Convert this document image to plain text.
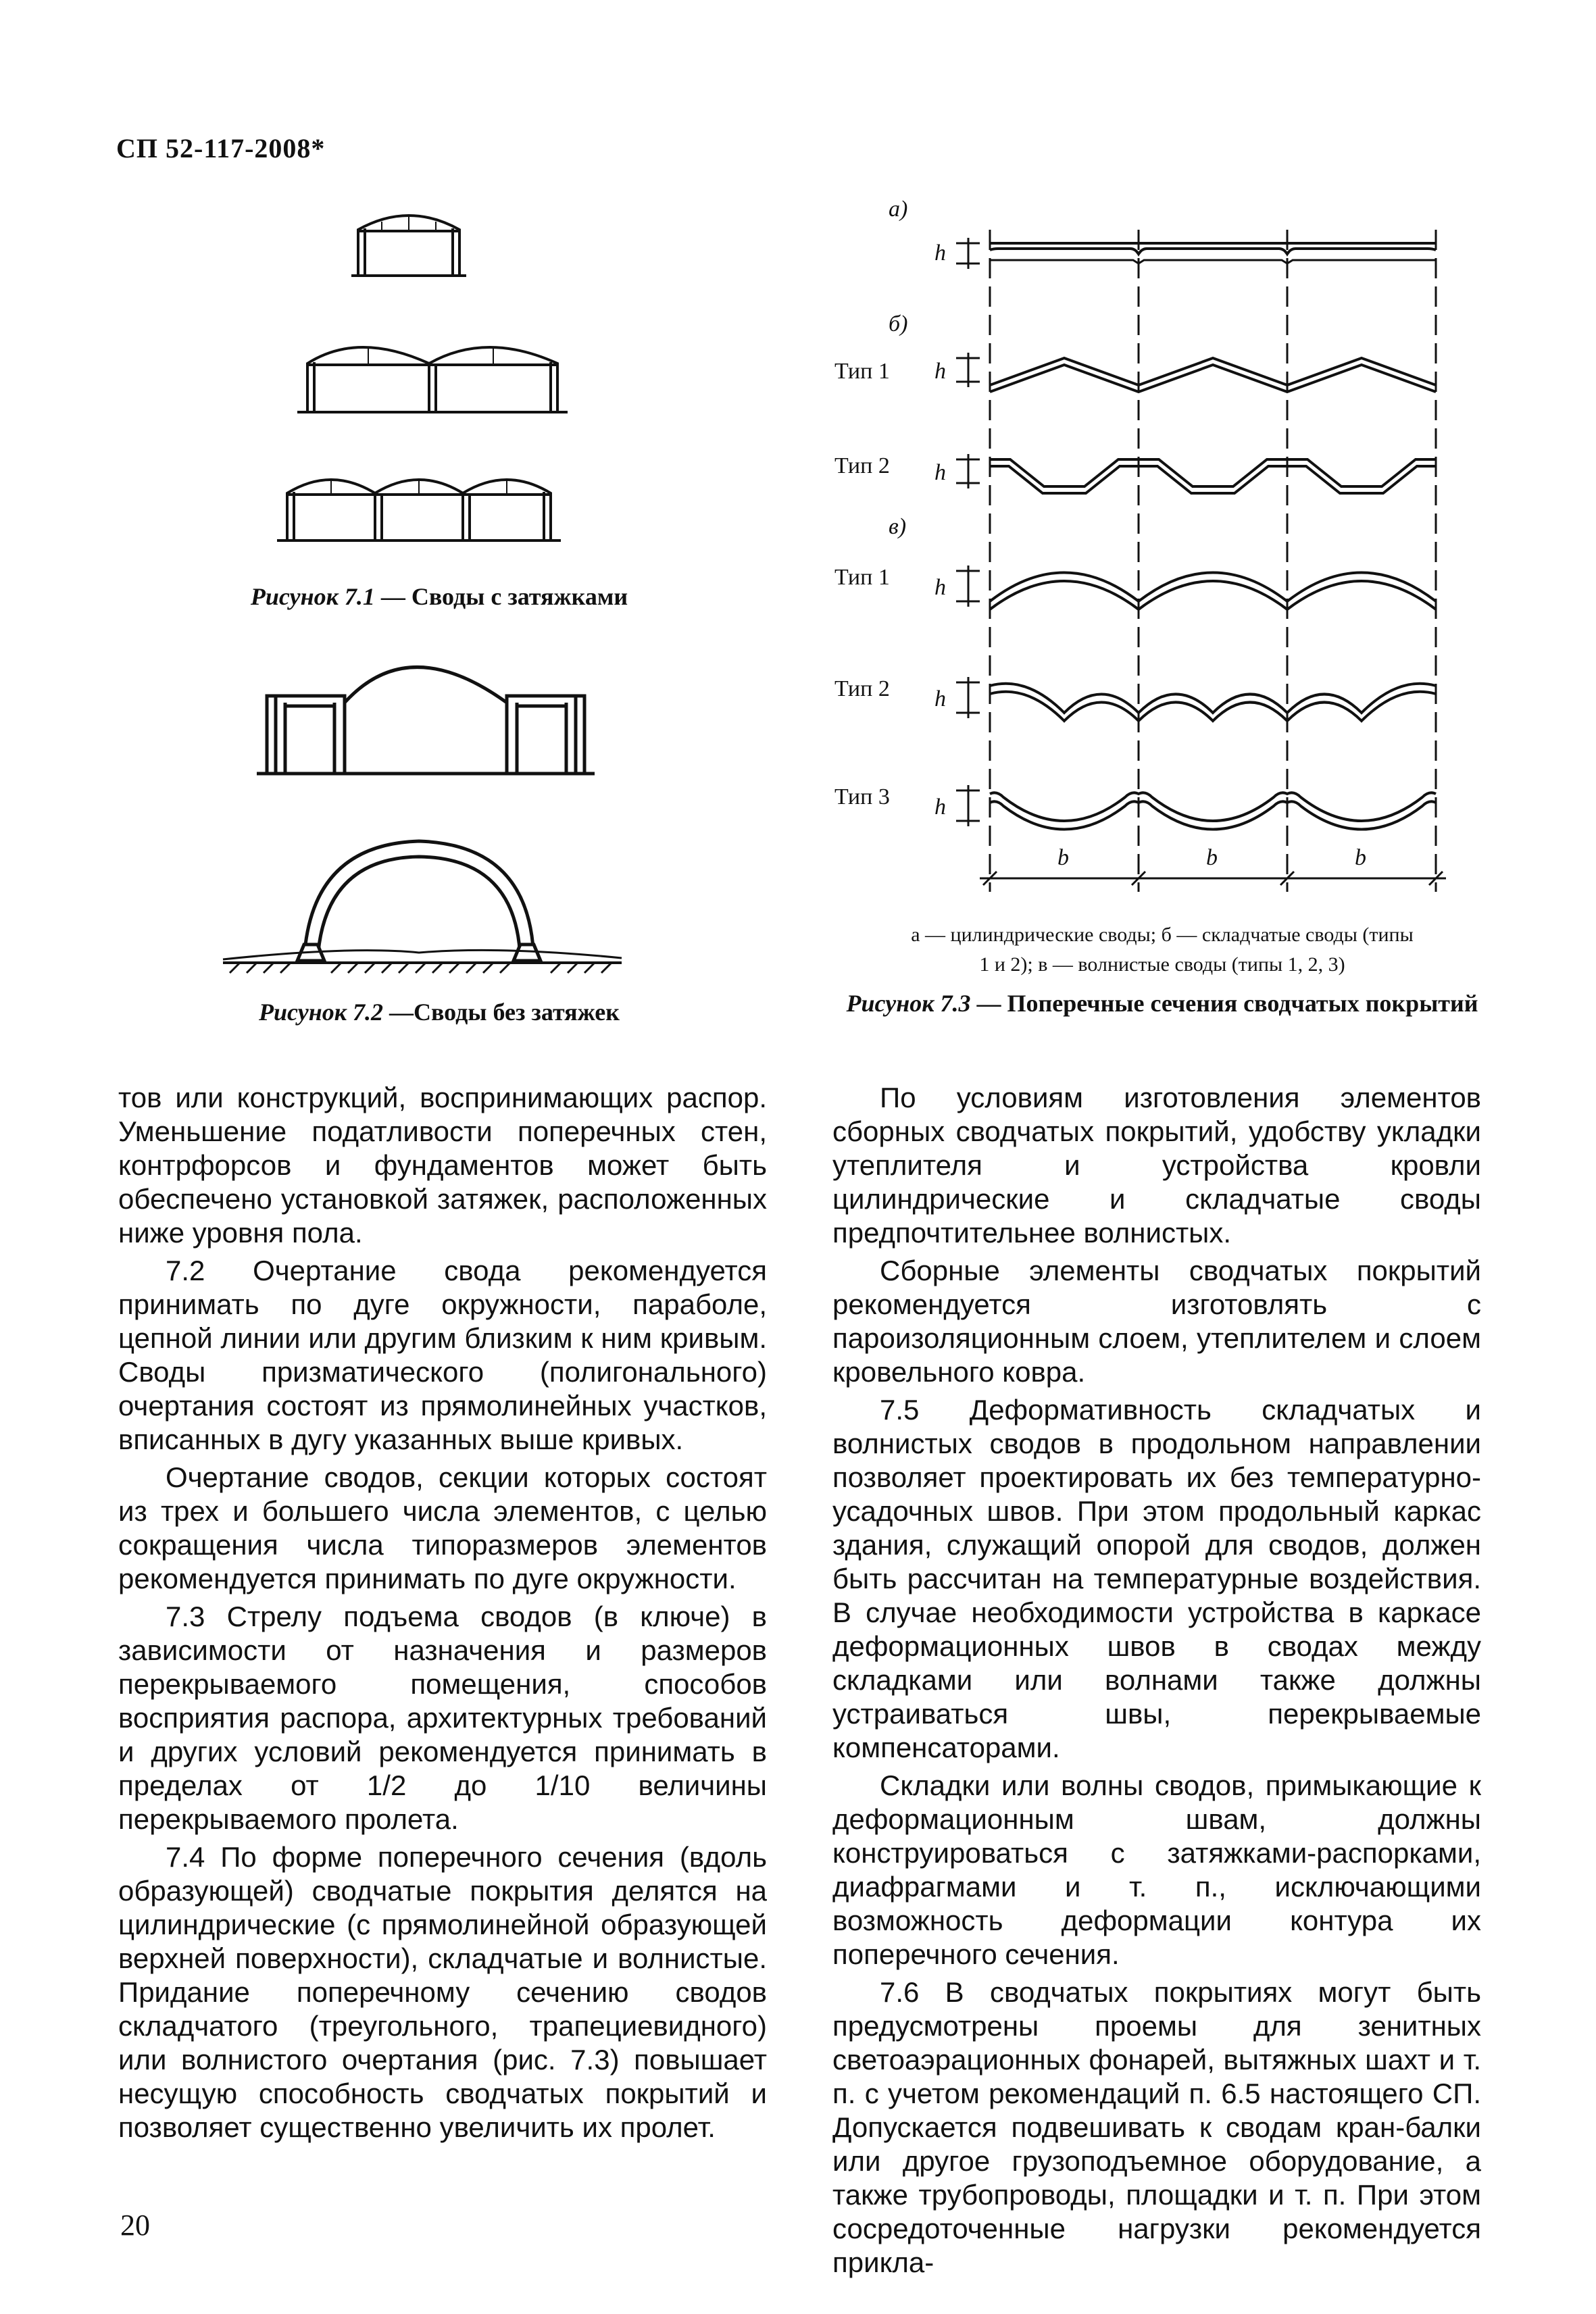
СП 52-117-2008*
Рисунок 7.1 — Своды с затяжками
Рисунок 7.2 —Своды без затяжек
а)
б)
в)
h
h
h
h
h
h
Тип 1
Тип 2
Тип 1
Тип 2
Тип 3
b	b	b
а — цилиндрические своды; б — складчатые своды (типы
1 и 2); в — волнистые своды (типы 1, 2, 3)
Рисунок 7.3 — Поперечные сечения сводчатых покрытий

тов или конструкций, воспринимающих распор. Уменьшение податливости поперечных стен, контрфорсов и фундаментов может быть обеспечено установкой затяжек, расположенных ниже уровня пола.

7.2 Очертание свода рекомендуется принимать по дуге окружности, параболе, цепной линии или другим близким к ним кривым. Своды призматического (полигонального) очертания состоят из прямолинейных участков, вписанных в дугу указанных выше кривых.

Очертание сводов, секции которых состоят из трех и большего числа элементов, с целью сокращения числа типоразмеров элементов рекомендуется принимать по дуге окружности.

7.3 Стрелу подъема сводов (в ключе) в зависимости от назначения и размеров перекрываемого помещения, способов восприятия распора, архитектурных требований и других условий рекомендуется принимать в пределах от 1/2 до 1/10 величины перекрываемого пролета.

7.4 По форме поперечного сечения (вдоль образующей) сводчатые покрытия делятся на цилиндрические (с прямолинейной образующей верхней поверхности), складчатые и волнистые. Придание поперечному сечению сводов складчатого (треугольного, трапециевидного) или волнистого очертания (рис. 7.3) повышает несущую способность сводчатых покрытий и позволяет существенно увеличить их пролет.

По условиям изготовления элементов сборных сводчатых покрытий, удобству укладки утеплителя и устройства кровли цилиндрические и складчатые своды предпочтительнее волнистых.

Сборные элементы сводчатых покрытий рекомендуется изготовлять с пароизоляционным слоем, утеплителем и слоем кровельного ковра.

7.5 Деформативность складчатых и волнистых сводов в продольном направлении позволяет проектировать их без температурно-усадочных швов. При этом продольный каркас здания, служащий опорой для сводов, должен быть рассчитан на температурные воздействия. В случае необходимости устройства в каркасе деформационных швов в сводах между складками или волнами также должны устраиваться швы, перекрываемые компенсаторами.

Складки или волны сводов, примыкающие к деформационным швам, должны конструироваться с затяжками-распорками, диафрагмами и т. п., исключающими возможность деформации контура их поперечного сечения.

7.6 В сводчатых покрытиях могут быть предусмотрены проемы для зенитных светоаэрационных фонарей, вытяжных шахт и т. п. с учетом рекомендаций п. 6.5 настоящего СП. Допускается подвешивать к сводам кран-балки или другое грузоподъемное оборудование, а также трубопроводы, площадки и т. п. При этом сосредоточенные нагрузки рекомендуется прикла-

20
